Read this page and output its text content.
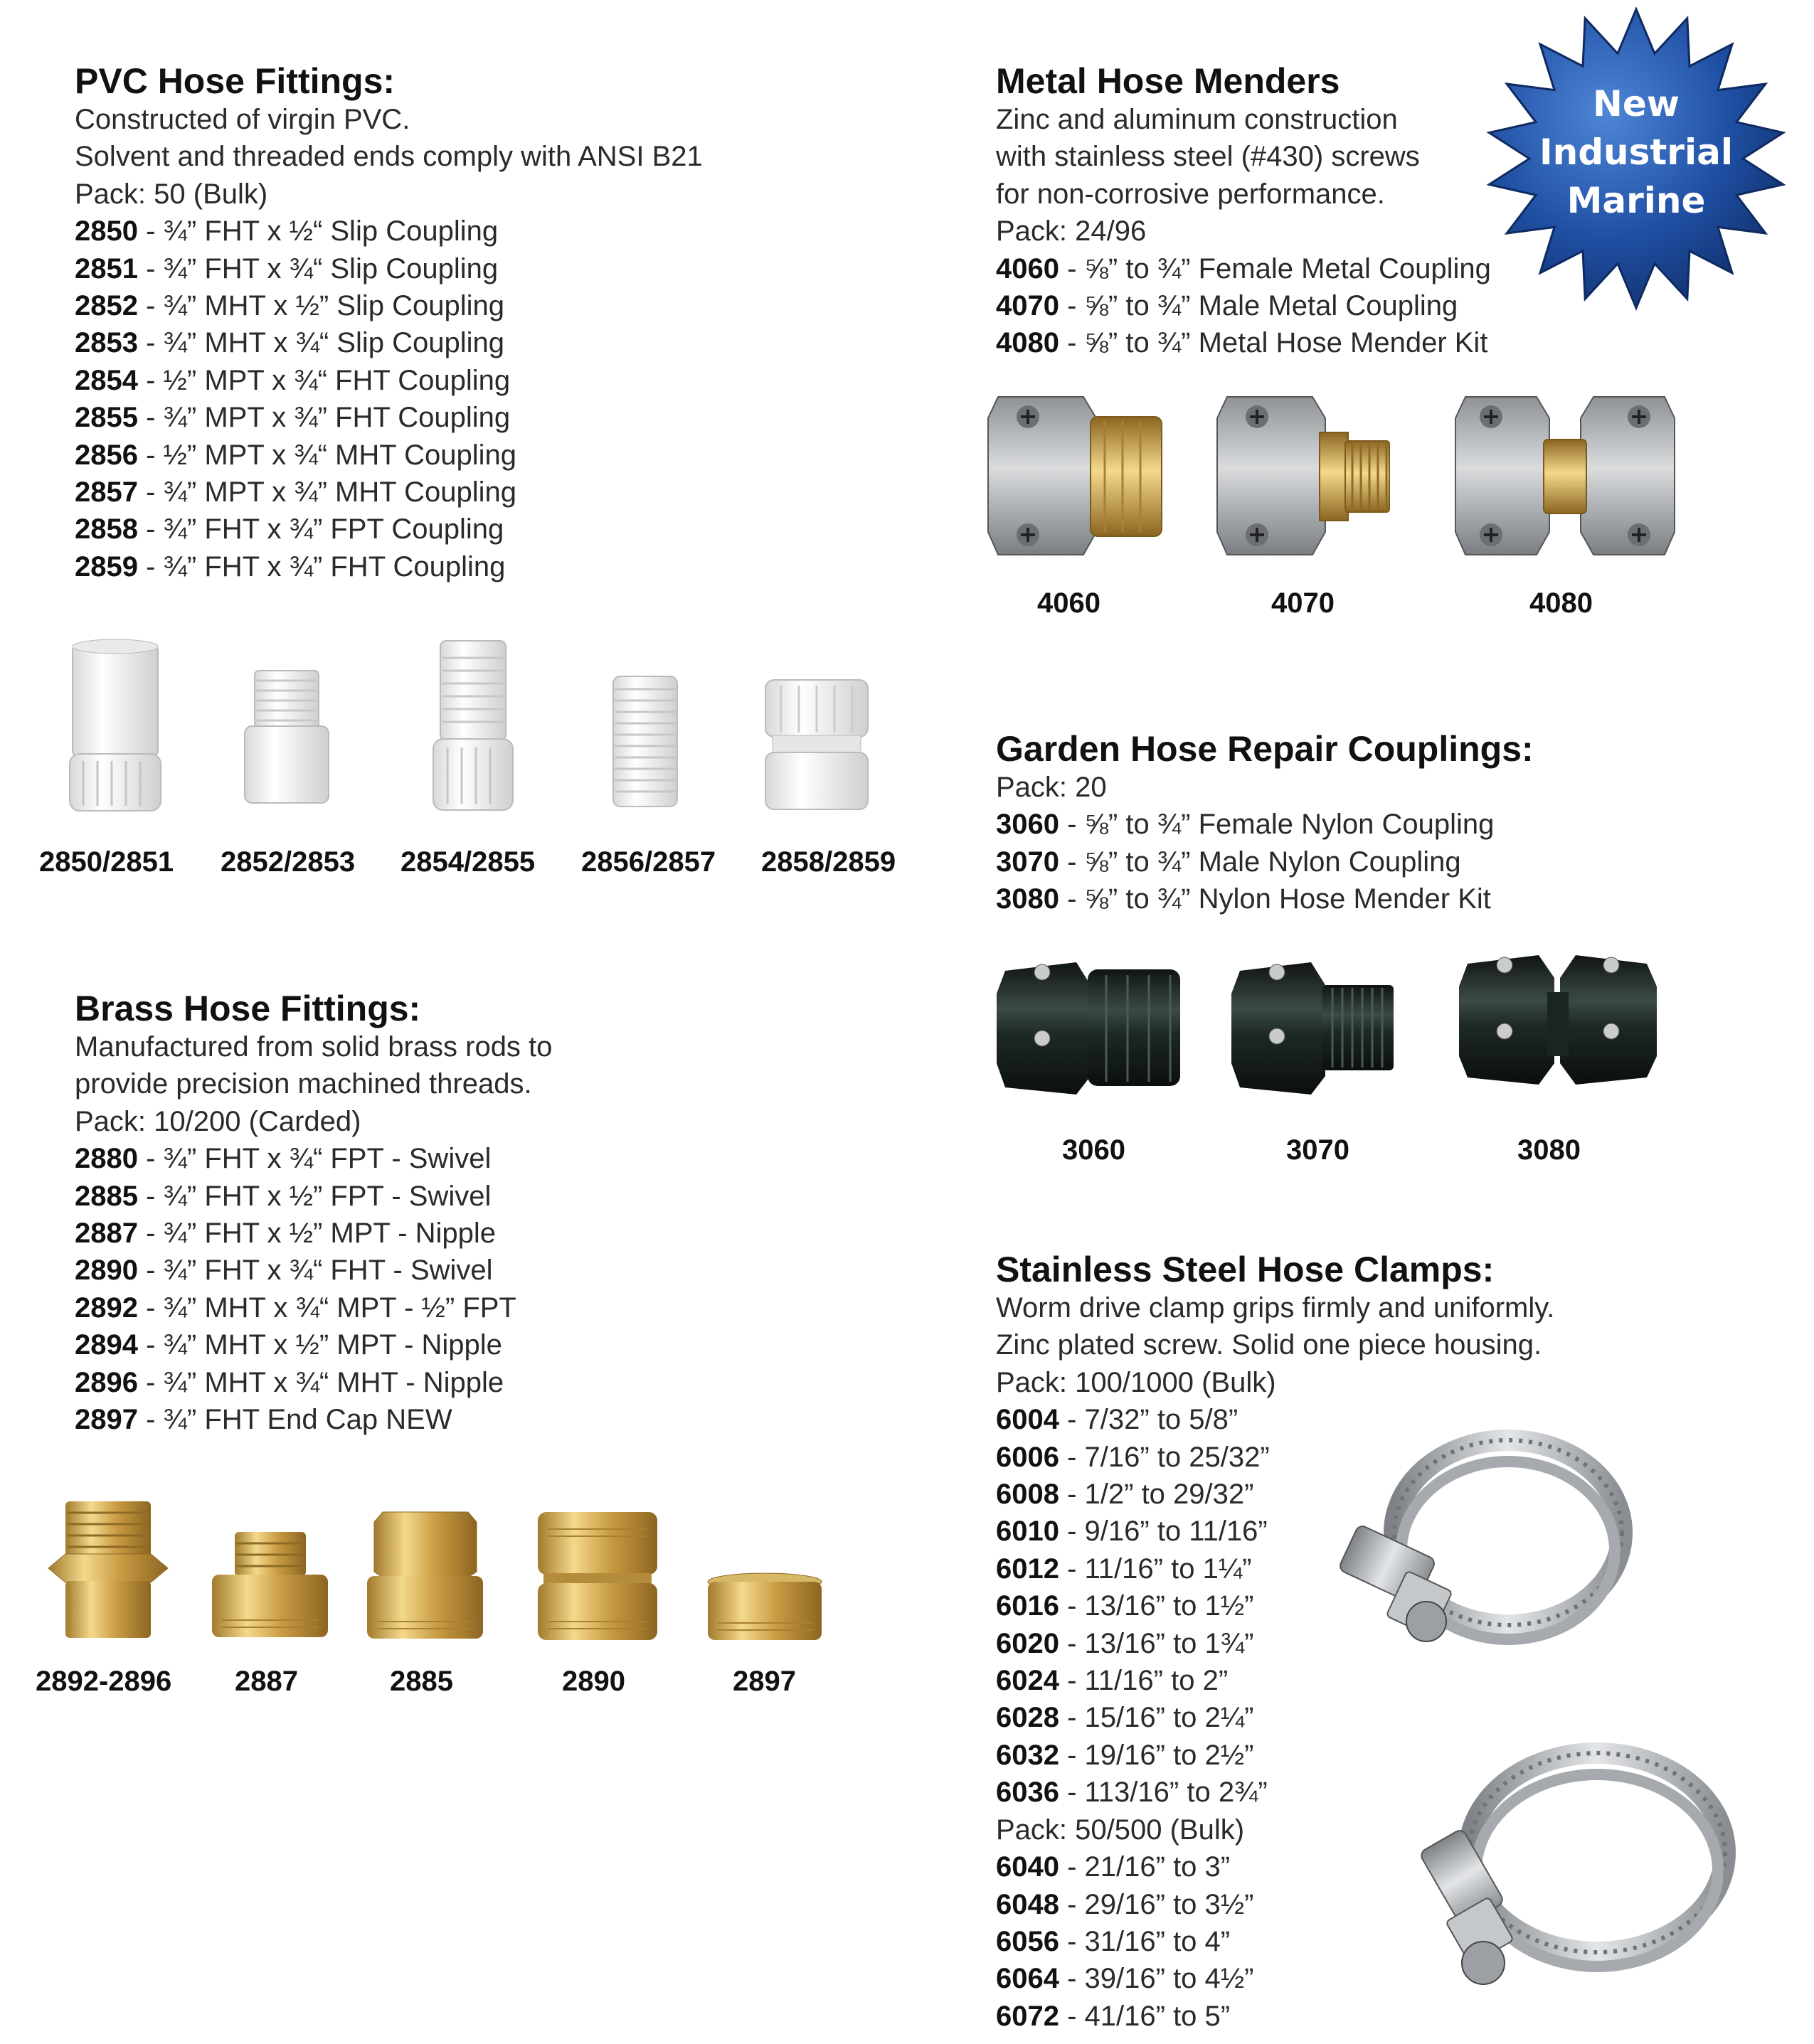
PVC Hose Fittings:
Constructed of virgin PVC.
Solvent and threaded ends comply with ANSI B21
Pack: 50 (Bulk)
2850 - ¾” FHT x ½“ Slip Coupling
2851 - ¾” FHT x ¾“ Slip Coupling
2852 - ¾” MHT x ½” Slip Coupling
2853 - ¾” MHT x ¾“ Slip Coupling
2854 - ½” MPT x ¾“ FHT Coupling
2855 - ¾” MPT x ¾” FHT Coupling
2856 - ½” MPT x ¾“ MHT Coupling
2857 - ¾” MPT x ¾” MHT Coupling
2858 - ¾” FHT x ¾” FPT Coupling
2859 - ¾” FHT x ¾” FHT Coupling
2850/2851 2852/2853 2854/2855 2856/2857 2858/2859
Brass Hose Fittings:
Manufactured from solid brass rods to
provide precision machined threads.
Pack: 10/200 (Carded)
2880 - ¾” FHT x ¾“ FPT - Swivel
2885 - ¾” FHT x ½” FPT - Swivel
2887 - ¾” FHT x ½” MPT - Nipple
2890 - ¾” FHT x ¾“ FHT - Swivel
2892 - ¾” MHT x ¾“ MPT - ½” FPT
2894 - ¾” MHT x ½” MPT - Nipple
2896 - ¾” MHT x ¾“ MHT - Nipple
2897 - ¾” FHT End Cap NEW
2892-2896 2887	2885	2890	2897
Metal Hose Menders
Zinc and aluminum construction
with stainless steel (#430) screws
for non-corrosive performance.
Pack: 24/96
4060 - ⅝” to ¾” Female Metal Coupling
4070 - ⅝” to ¾” Male Metal Coupling
4080 - ⅝” to ¾” Metal Hose Mender Kit
New
Industrial
Marine
4060	4070	4080
Garden Hose Repair Couplings:
Pack: 20
3060 - ⅝” to ¾” Female Nylon Coupling
3070 - ⅝” to ¾” Male Nylon Coupling
3080 - ⅝” to ¾” Nylon Hose Mender Kit
3060	3070	3080
Stainless Steel Hose Clamps:
Worm drive clamp grips firmly and uniformly.
Zinc plated screw. Solid one piece housing.
Pack: 100/1000 (Bulk)
6004 - 7/32” to 5/8”
6006 - 7/16” to 25/32”
6008 - 1/2” to 29/32”
6010 - 9/16” to 11/16”
6012 - 11/16” to 1¼”
6016 - 13/16” to 1½”
6020 - 13/16” to 1¾”
6024 - 11/16” to 2”
6028 - 15/16” to 2¼”
6032 - 19/16” to 2½”
6036 - 113/16” to 2¾”
Pack: 50/500 (Bulk)
6040 - 21/16” to 3”
6048 - 29/16” to 3½”
6056 - 31/16” to 4”
6064 - 39/16” to 4½”
6072 - 41/16” to 5”
